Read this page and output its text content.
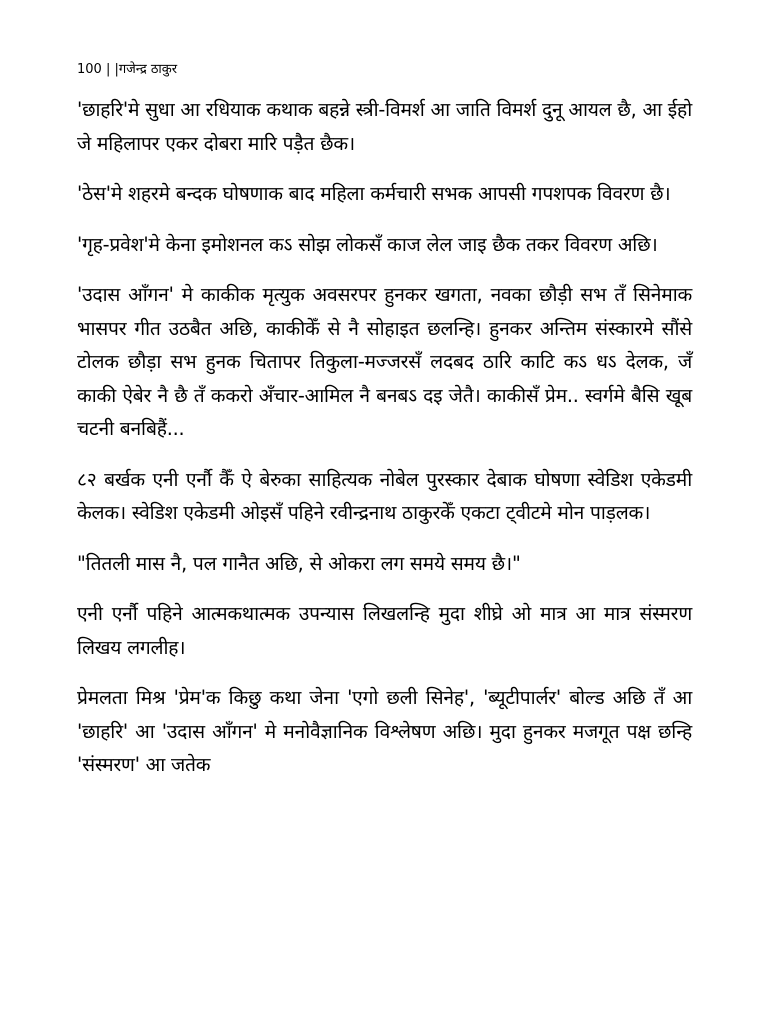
100 | |गजेन्द्र ठाकुर

'छाहरि'मे सुधा आ रधियाक कथाक बहन्ने स्त्री-विमर्श आ जाति विमर्श दुनू आयल छै, आ ईहो जे महिलापर एकर दोबरा मारि पड़ैत छैक।

'ठेस'मे शहरमे बन्दक घोषणाक बाद महिला कर्मचारी सभक आपसी गपशपक विवरण छै।

'गृह-प्रवेश'मे केना इमोशनल कऽ सोझ लोकसँ काज लेल जाइ छैक तकर विवरण अछि।

'उदास आँगन' मे काकीक मृत्युक अवसरपर हुनकर खगता, नवका छौड़ी सभ तँ सिनेमाक भासपर गीत उठबैत अछि, काकीकेँ से नै सोहाइत छलन्हि। हुनकर अन्तिम संस्कारमे सौंसे टोलक छौड़ा सभ हुनक चितापर तिकुला-मज्जरसँ लदबद ठारि काटि कऽ धऽ देलक, जँ काकी ऐबेर नै छै तँ ककरो अँचार-आमिल नै बनबऽ दइ जेतै। काकीसँ प्रेम.. स्वर्गमे बैसि खूब चटनी बनबिहैं...

८२ बर्खक एनी एर्नौ कैँ ऐ बेरुका साहित्यक नोबेल पुरस्कार देबाक घोषणा स्वेडिश एकेडमी केलक। स्वेडिश एकेडमी ओइसँ पहिने रवीन्द्रनाथ ठाकुरकेँ एकटा ट्वीटमे मोन पाड़लक।

"तितली मास नै, पल गानैत अछि, से ओकरा लग समये समय छै।"

एनी एर्नौ पहिने आत्मकथात्मक उपन्यास लिखलन्हि मुदा शीघ्रे ओ मात्र आ मात्र संस्मरण लिखय लगलीह।

प्रेमलता मिश्र 'प्रेम'क किछु कथा जेना 'एगो छली सिनेह', 'ब्यूटीपार्लर' बोल्ड अछि तँ आ 'छाहरि' आ 'उदास आँगन' मे मनोवैज्ञानिक विश्लेषण अछि। मुदा हुनकर मजगूत पक्ष छन्हि 'संस्मरण' आ जतेक
